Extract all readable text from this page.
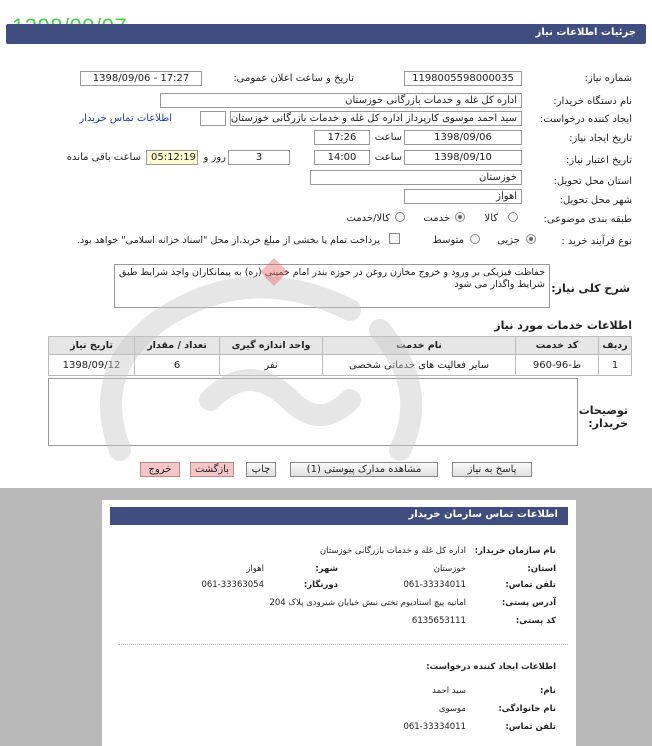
جزئیات اطلاعات نیاز
شماره نیاز:
1198005598000035
تاریخ و ساعت اعلان عمومی:
1398/09/06 - 17:27
نام دستگاه خریدار:
اداره کل غله و خدمات بازرگانی خوزستان
ایجاد کننده درخواست:
سید احمد موسوی کارپرداز اداره کل غله و خدمات بازرگانی خوزستان
اطلاعات تماس خریدار
تاریخ ایجاد نیاز:
1398/09/06
ساعت
17:26
تاریخ اعتبار نیاز:
1398/09/10
ساعت
14:00
3
روز و
05:12:19
ساعت باقی مانده
استان محل تحویل:
خوزستان
شهر محل تحویل:
اهواز
طبقه بندی موضوعی:
کالا
خدمت
کالا/خدمت
نوع فرآیند خرید :
جزیی
متوسط
پرداخت تمام یا بخشی از مبلغ خرید،از محل "اسناد خزانه اسلامی" خواهد بود.
شرح کلی نیاز:
حفاظت فیزیکی بر ورود و خروج مخازن روغن در حوزه بندر امام خمینی (ره) به پیمانکاران واجد شرایط طبق شرایط واگذار می شود
اطلاعات خدمات مورد نیاز
ردیف	کد خدمت	نام خدمت	واحد اندازه گیری	تعداد / مقدار	تاریخ نیاز
1	ط-96-960	سایر فعالیت های خدماتی شخصی	نفر	6	1398/09/12
توضیحات خریدار:
پاسخ به نیاز
مشاهده مدارک پیوستی (1)
چاپ
بازگشت
خروج
اطلاعات تماس سازمان خریدار
نام سازمان خریدار:
اداره کل غله و خدمات بازرگانی خوزستان
استان:
خوزستان
شهر:
اهواز
تلفن تماس:
061-33334011
دورنگار:
061-33363054
آدرس پستی:
امانیه پیچ استادیوم تختی نبش خیابان شیرودی پلاک 204
کد پستی:
6135653111
اطلاعات ایجاد کننده درخواست:
نام:
سید احمد
نام خانوادگی:
موسوی
تلفن تماس:
061-33334011
